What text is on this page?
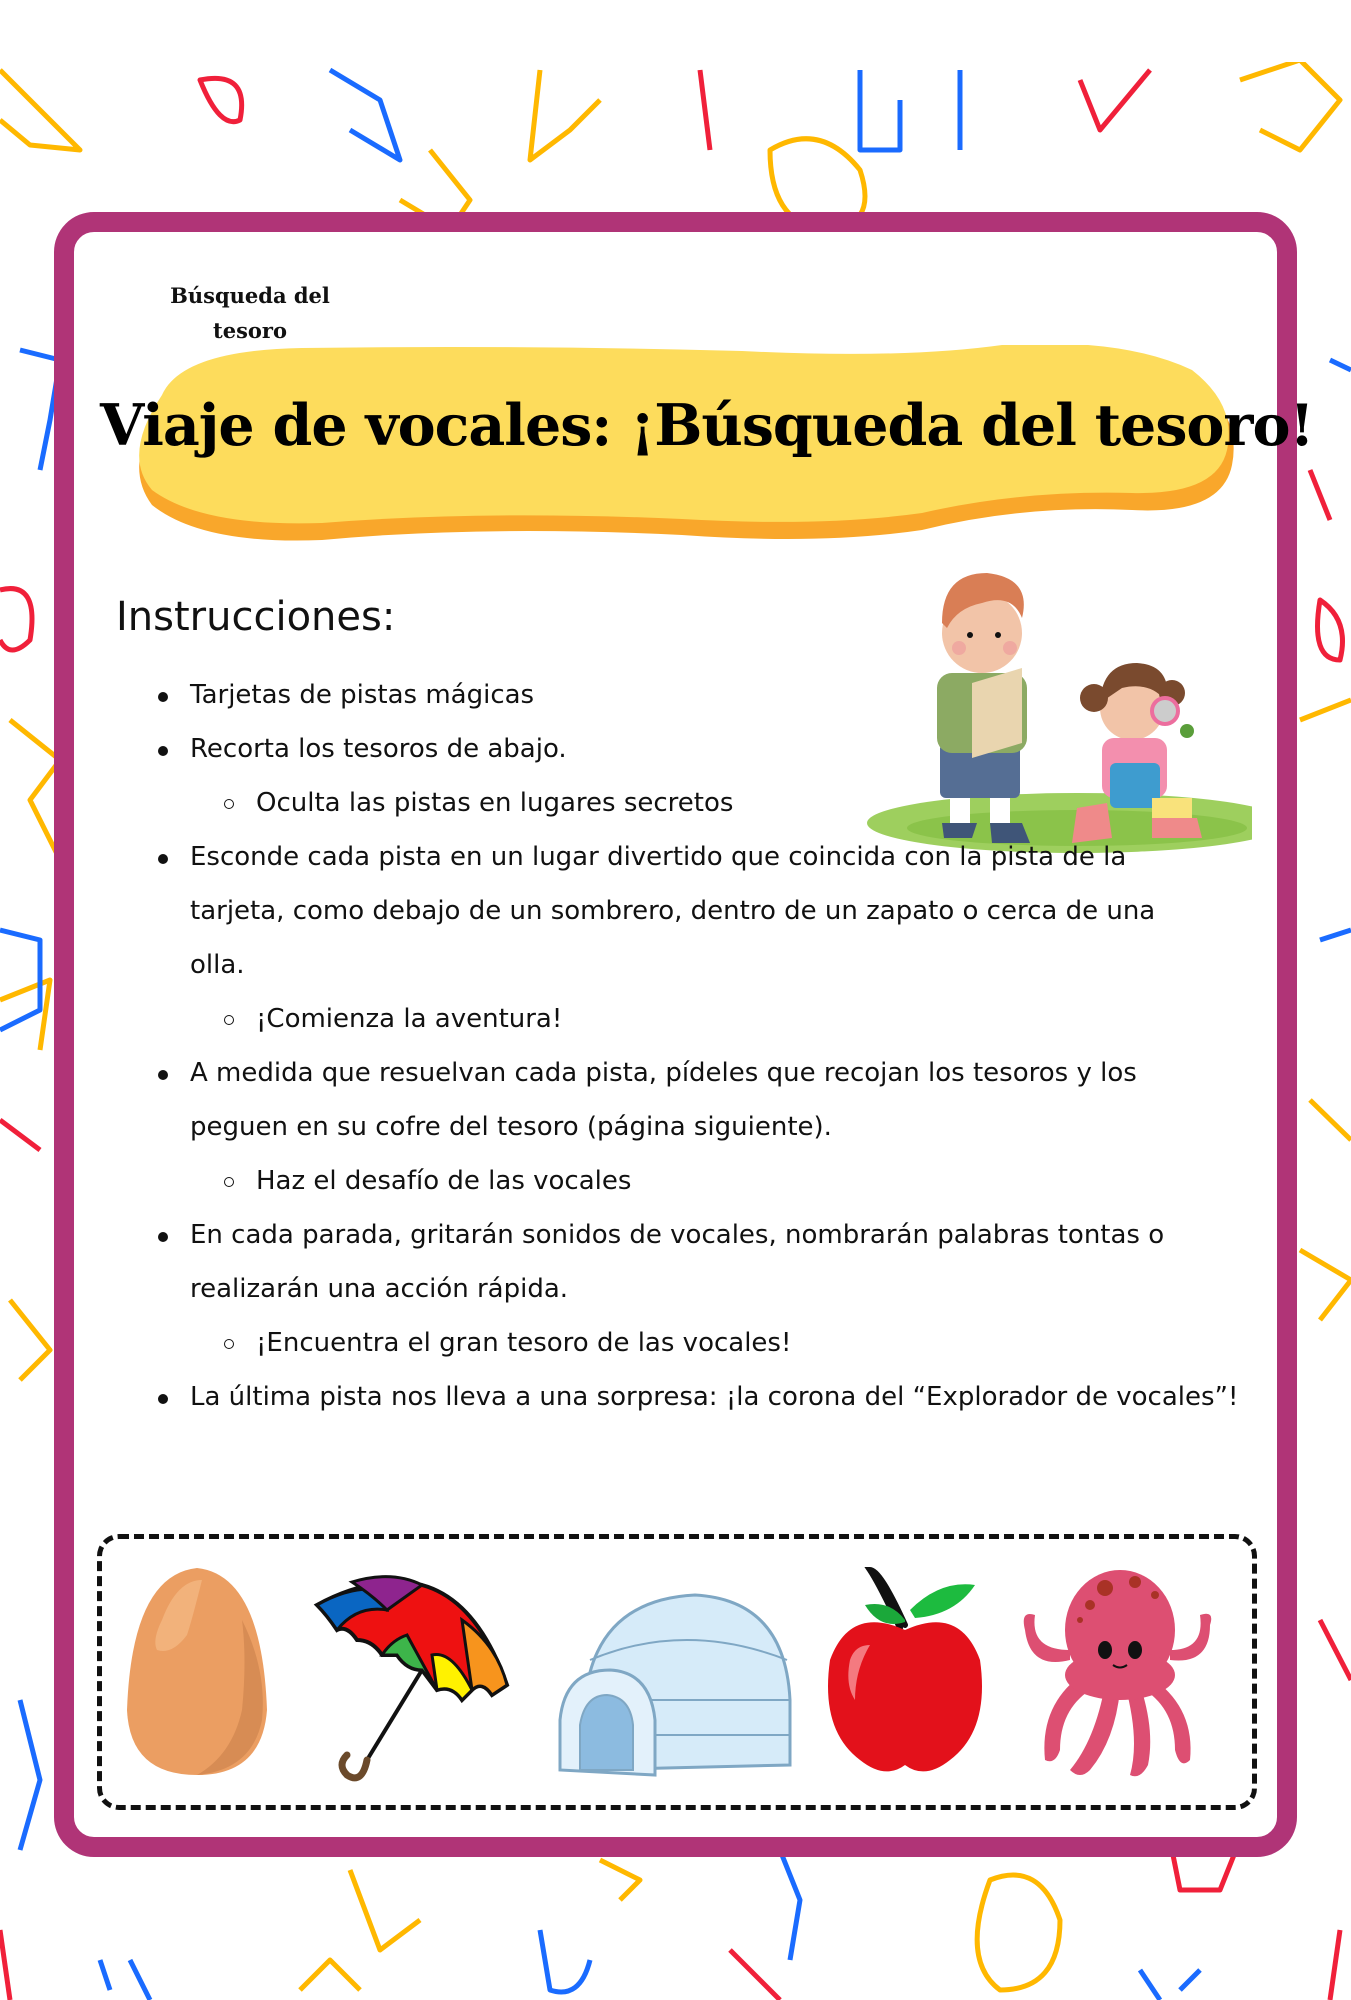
Búsqueda del tesoro
Viaje de vocales: ¡Búsqueda del tesoro!
Instrucciones:
Tarjetas de pistas mágicas
Recorta los tesoros de abajo.
Oculta las pistas en lugares secretos
Esconde cada pista en un lugar divertido que coincida con la pista de la tarjeta, como debajo de un sombrero, dentro de un zapato o cerca de una olla.
¡Comienza la aventura!
A medida que resuelvan cada pista, pídeles que recojan los tesoros y los peguen en su cofre del tesoro (página siguiente).
Haz el desafío de las vocales
En cada parada, gritarán sonidos de vocales, nombrarán palabras tontas o realizarán una acción rápida.
¡Encuentra el gran tesoro de las vocales!
La última pista nos lleva a una sorpresa: ¡la corona del “Explorador de vocales”!
